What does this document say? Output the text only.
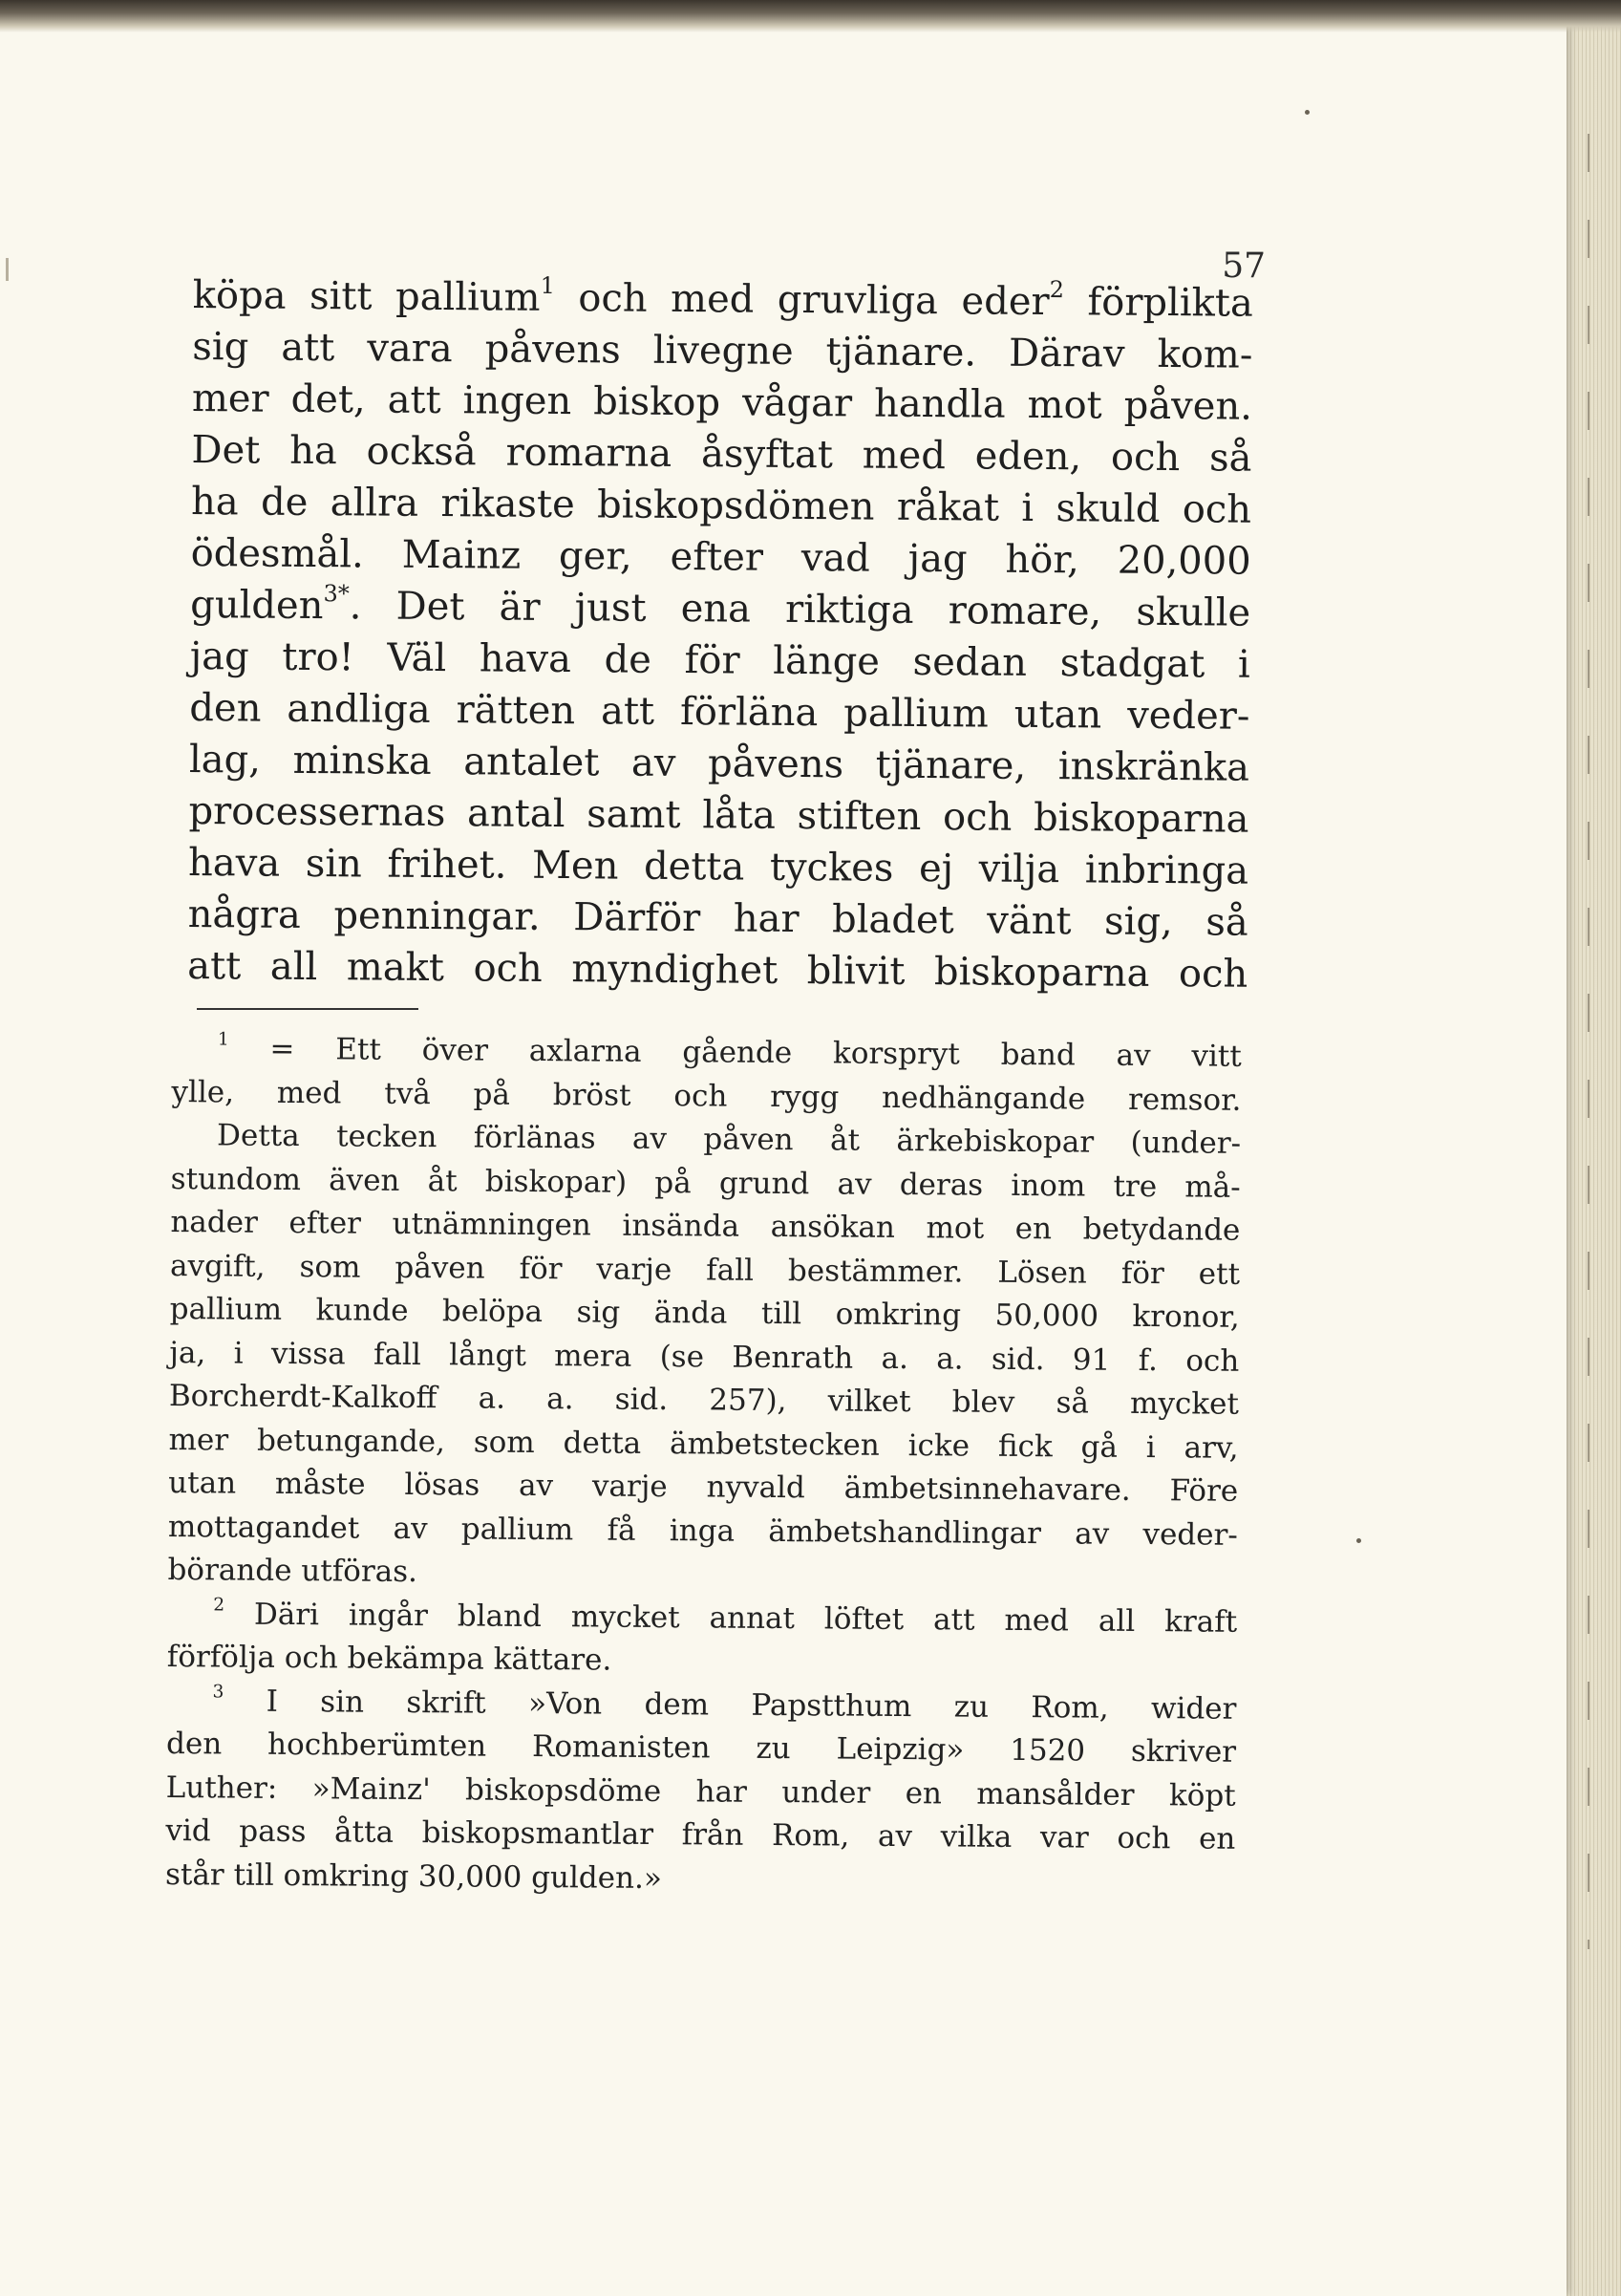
57
köpa sitt pallium$^1$ och med gruvliga eder$^2$ förplikta
sig att vara påvens livegne tjänare. Därav kom-
mer det, att ingen biskop vågar handla mot påven.
Det ha också romarna åsyftat med eden, och så
ha de allra rikaste biskopsdömen råkat i skuld och
ödesmål. Mainz ger, efter vad jag hör, 20,000
gulden$^{3*}$. Det är just ena riktiga romare, skulle
jag tro! Väl hava de för länge sedan stadgat i
den andliga rätten att förläna pallium utan veder-
lag, minska antalet av påvens tjänare, inskränka
processernas antal samt låta stiften och biskoparna
hava sin frihet. Men detta tyckes ej vilja inbringa
några penningar. Därför har bladet vänt sig, så
att all makt och myndighet blivit biskoparna och
$^1$ = Ett över axlarna gående korspryt band av vitt
ylle, med två på bröst och rygg nedhängande remsor.
Detta tecken förlänas av påven åt ärkebiskopar (under-
stundom även åt biskopar) på grund av deras inom tre må-
nader efter utnämningen insända ansökan mot en betydande
avgift, som påven för varje fall bestämmer. Lösen för ett
pallium kunde belöpa sig ända till omkring 50,000 kronor,
ja, i vissa fall långt mera (se Benrath a. a. sid. 91 f. och
Borcherdt-Kalkoff a. a. sid. 257), vilket blev så mycket
mer betungande, som detta ämbetstecken icke fick gå i arv,
utan måste lösas av varje nyvald ämbetsinnehavare. Före
mottagandet av pallium få inga ämbetshandlingar av veder-
börande utföras.
$^2$ Däri ingår bland mycket annat löftet att med all kraft
förfölja och bekämpa kättare.
$^3$ I sin skrift »Von dem Papstthum zu Rom, wider
den hochberümten Romanisten zu Leipzig» 1520 skriver
Luther: »Mainz' biskopsdöme har under en mansålder köpt
vid pass åtta biskopsmantlar från Rom, av vilka var och en
står till omkring 30,000 gulden.»
